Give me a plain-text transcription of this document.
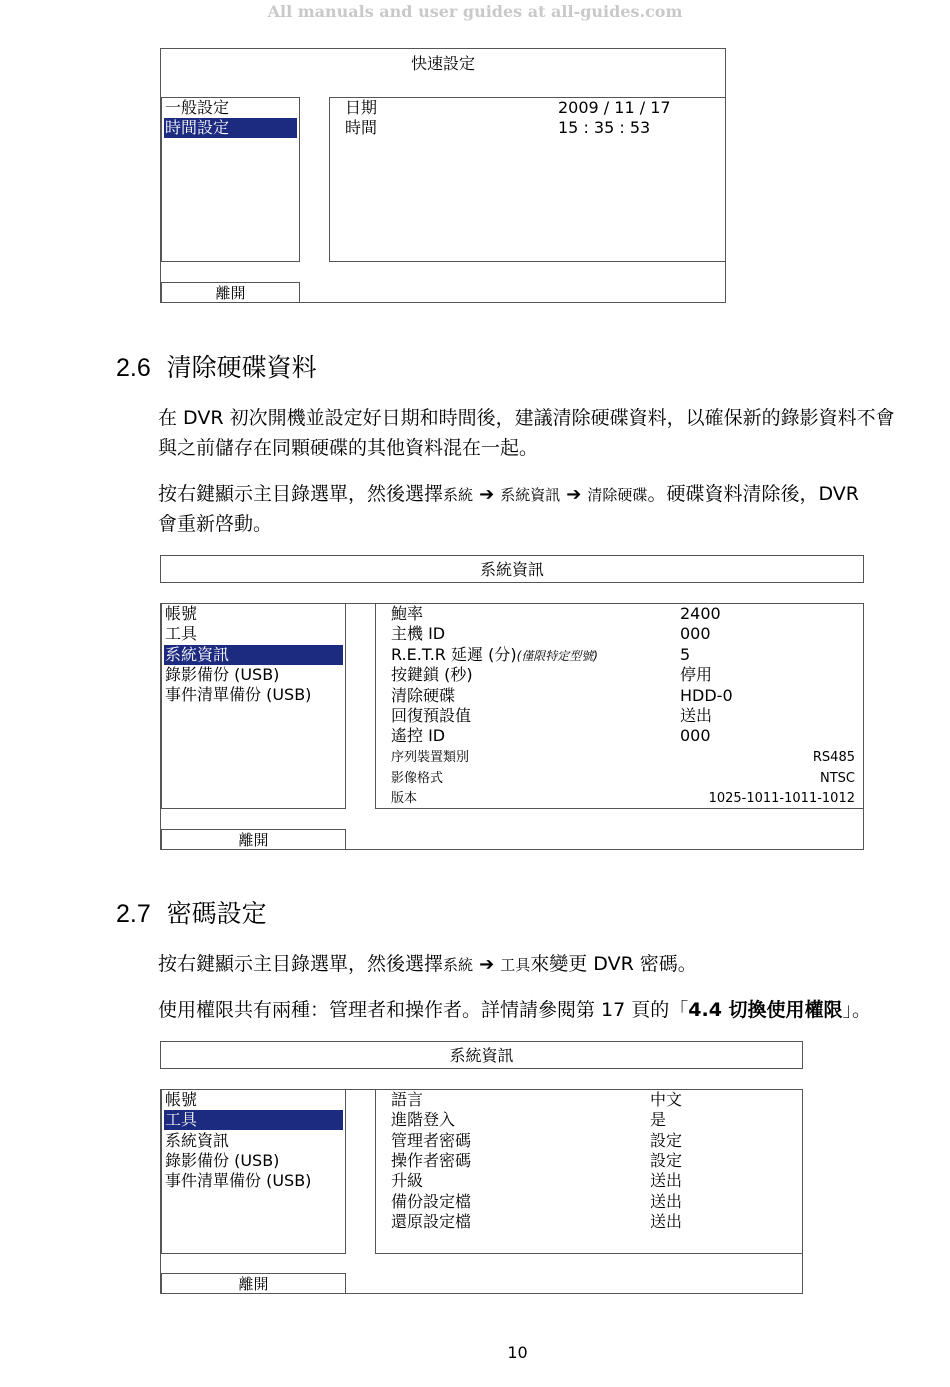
All manuals and user guides at all-guides.com
快速設定
一般設定
時間設定
日期	2009 / 11 / 17
時間	15 : 35 : 53
離開
2.6 清除硬碟資料

在 DVR 初次開機並設定好日期和時間後，建議清除硬碟資料，以確保新的錄影資料不會

與之前儲存在同顆硬碟的其他資料混在一起。

按右鍵顯示主目錄選單，然後選擇系統 ➔ 系統資訊 ➔ 清除硬碟。硬碟資料清除後，DVR

會重新啓動。

系統資訊
帳號
工具
系統資訊
錄影備份 (USB)
事件清單備份 (USB)
鮑率	2400
主機 ID	000
R.E.T.R 延遲 (分)(僅限特定型號)	5
按鍵鎖 (秒)	停用
清除硬碟	HDD-0
回復預設值	送出
遙控 ID	000
序列裝置類別	RS485
影像格式	NTSC
版本	1025-1011-1011-1012
離開
2.7 密碼設定

按右鍵顯示主目錄選單，然後選擇系統 ➔ 工具來變更 DVR 密碼。

使用權限共有兩種：管理者和操作者。詳情請參閱第 17 頁的「4.4 切換使用權限」。

系統資訊
帳號
工具
系統資訊
錄影備份 (USB)
事件清單備份 (USB)
語言	中文
進階登入	是
管理者密碼	設定
操作者密碼	設定
升級	送出
備份設定檔	送出
還原設定檔	送出
離開
10
